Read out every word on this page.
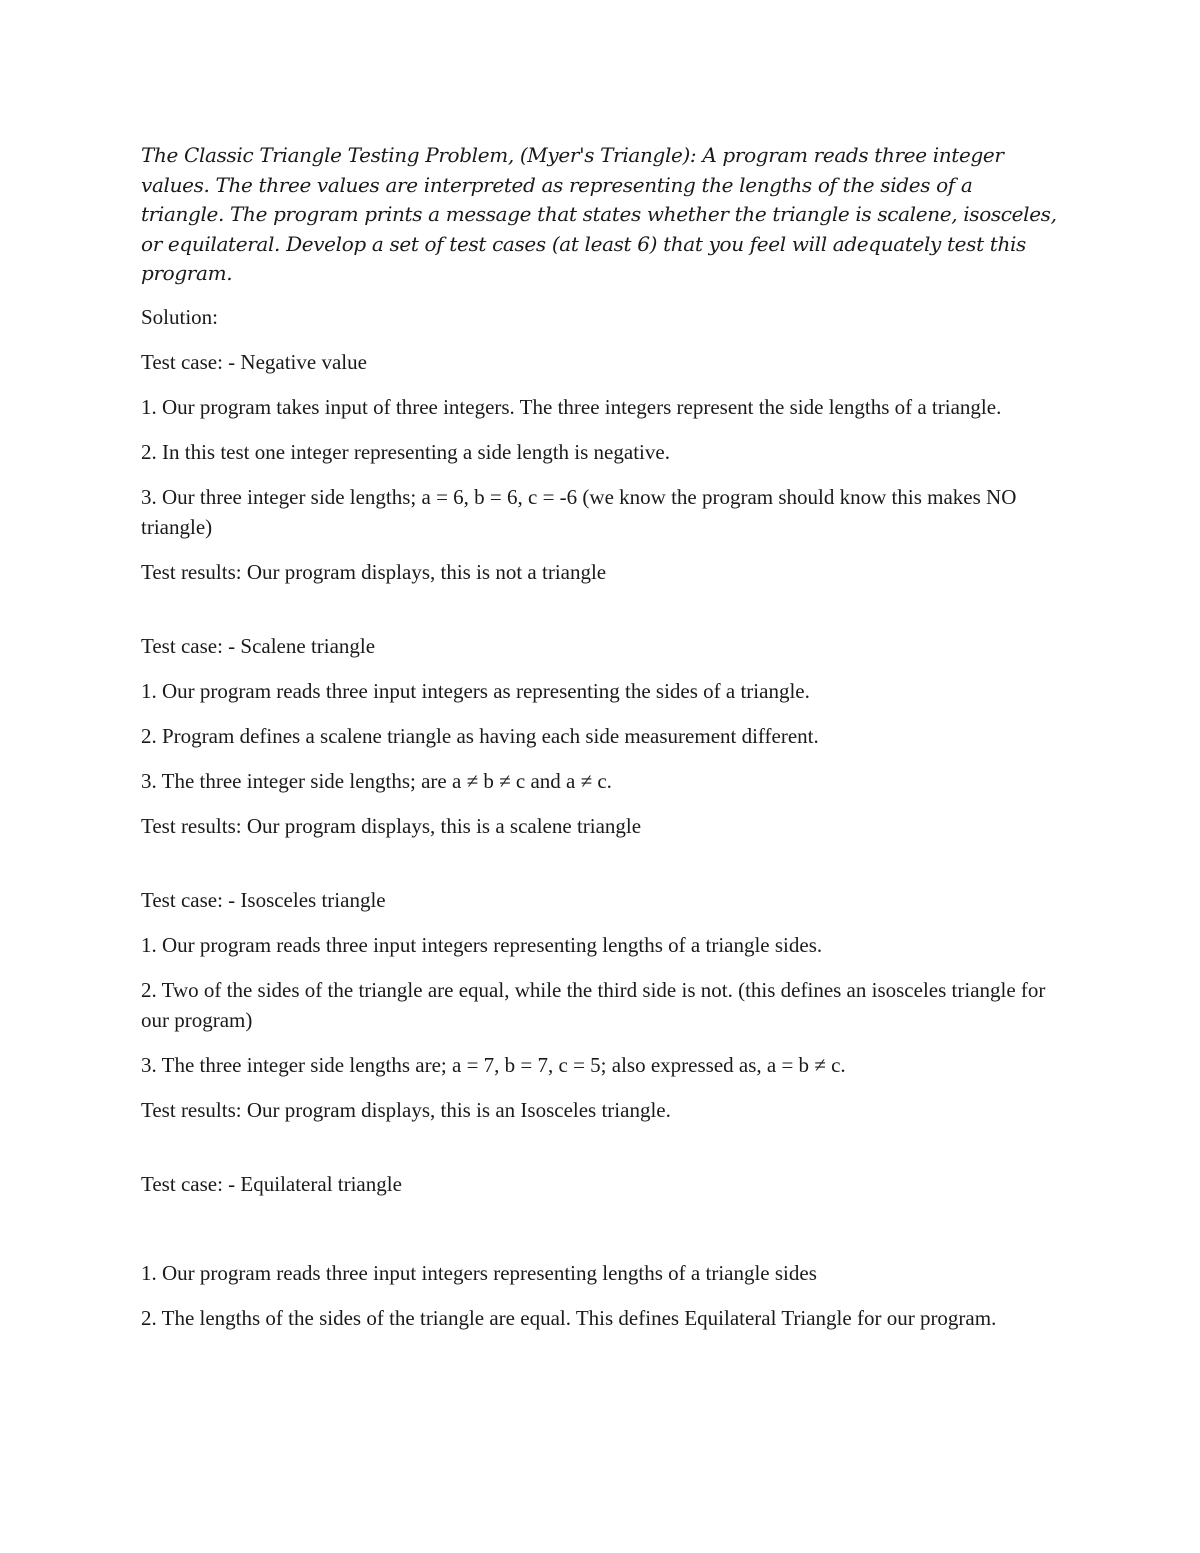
The Classic Triangle Testing Problem, (Myer's Triangle): A program reads three integer values. The three values are interpreted as representing the lengths of the sides of a triangle. The program prints a message that states whether the triangle is scalene, isosceles, or equilateral. Develop a set of test cases (at least 6) that you feel will adequately test this program.

Solution:

Test case: - Negative value

1. Our program takes input of three integers. The three integers represent the side lengths of a triangle.

2. In this test one integer representing a side length is negative.

3. Our three integer side lengths; a = 6, b = 6, c = -6 (we know the program should know this makes NO triangle)

Test results: Our program displays, this is not a triangle

Test case: - Scalene triangle

1. Our program reads three input integers as representing the sides of a triangle.

2. Program defines a scalene triangle as having each side measurement different.

3. The three integer side lengths; are a ≠ b ≠ c and a ≠ c.

Test results: Our program displays, this is a scalene triangle

Test case: - Isosceles triangle

1. Our program reads three input integers representing lengths of a triangle sides.

2. Two of the sides of the triangle are equal, while the third side is not. (this defines an isosceles triangle for our program)

3. The three integer side lengths are; a = 7, b = 7, c = 5; also expressed as, a = b ≠ c.

Test results: Our program displays, this is an Isosceles triangle.

Test case: - Equilateral triangle

1. Our program reads three input integers representing lengths of a triangle sides

2. The lengths of the sides of the triangle are equal. This defines Equilateral Triangle for our program.
